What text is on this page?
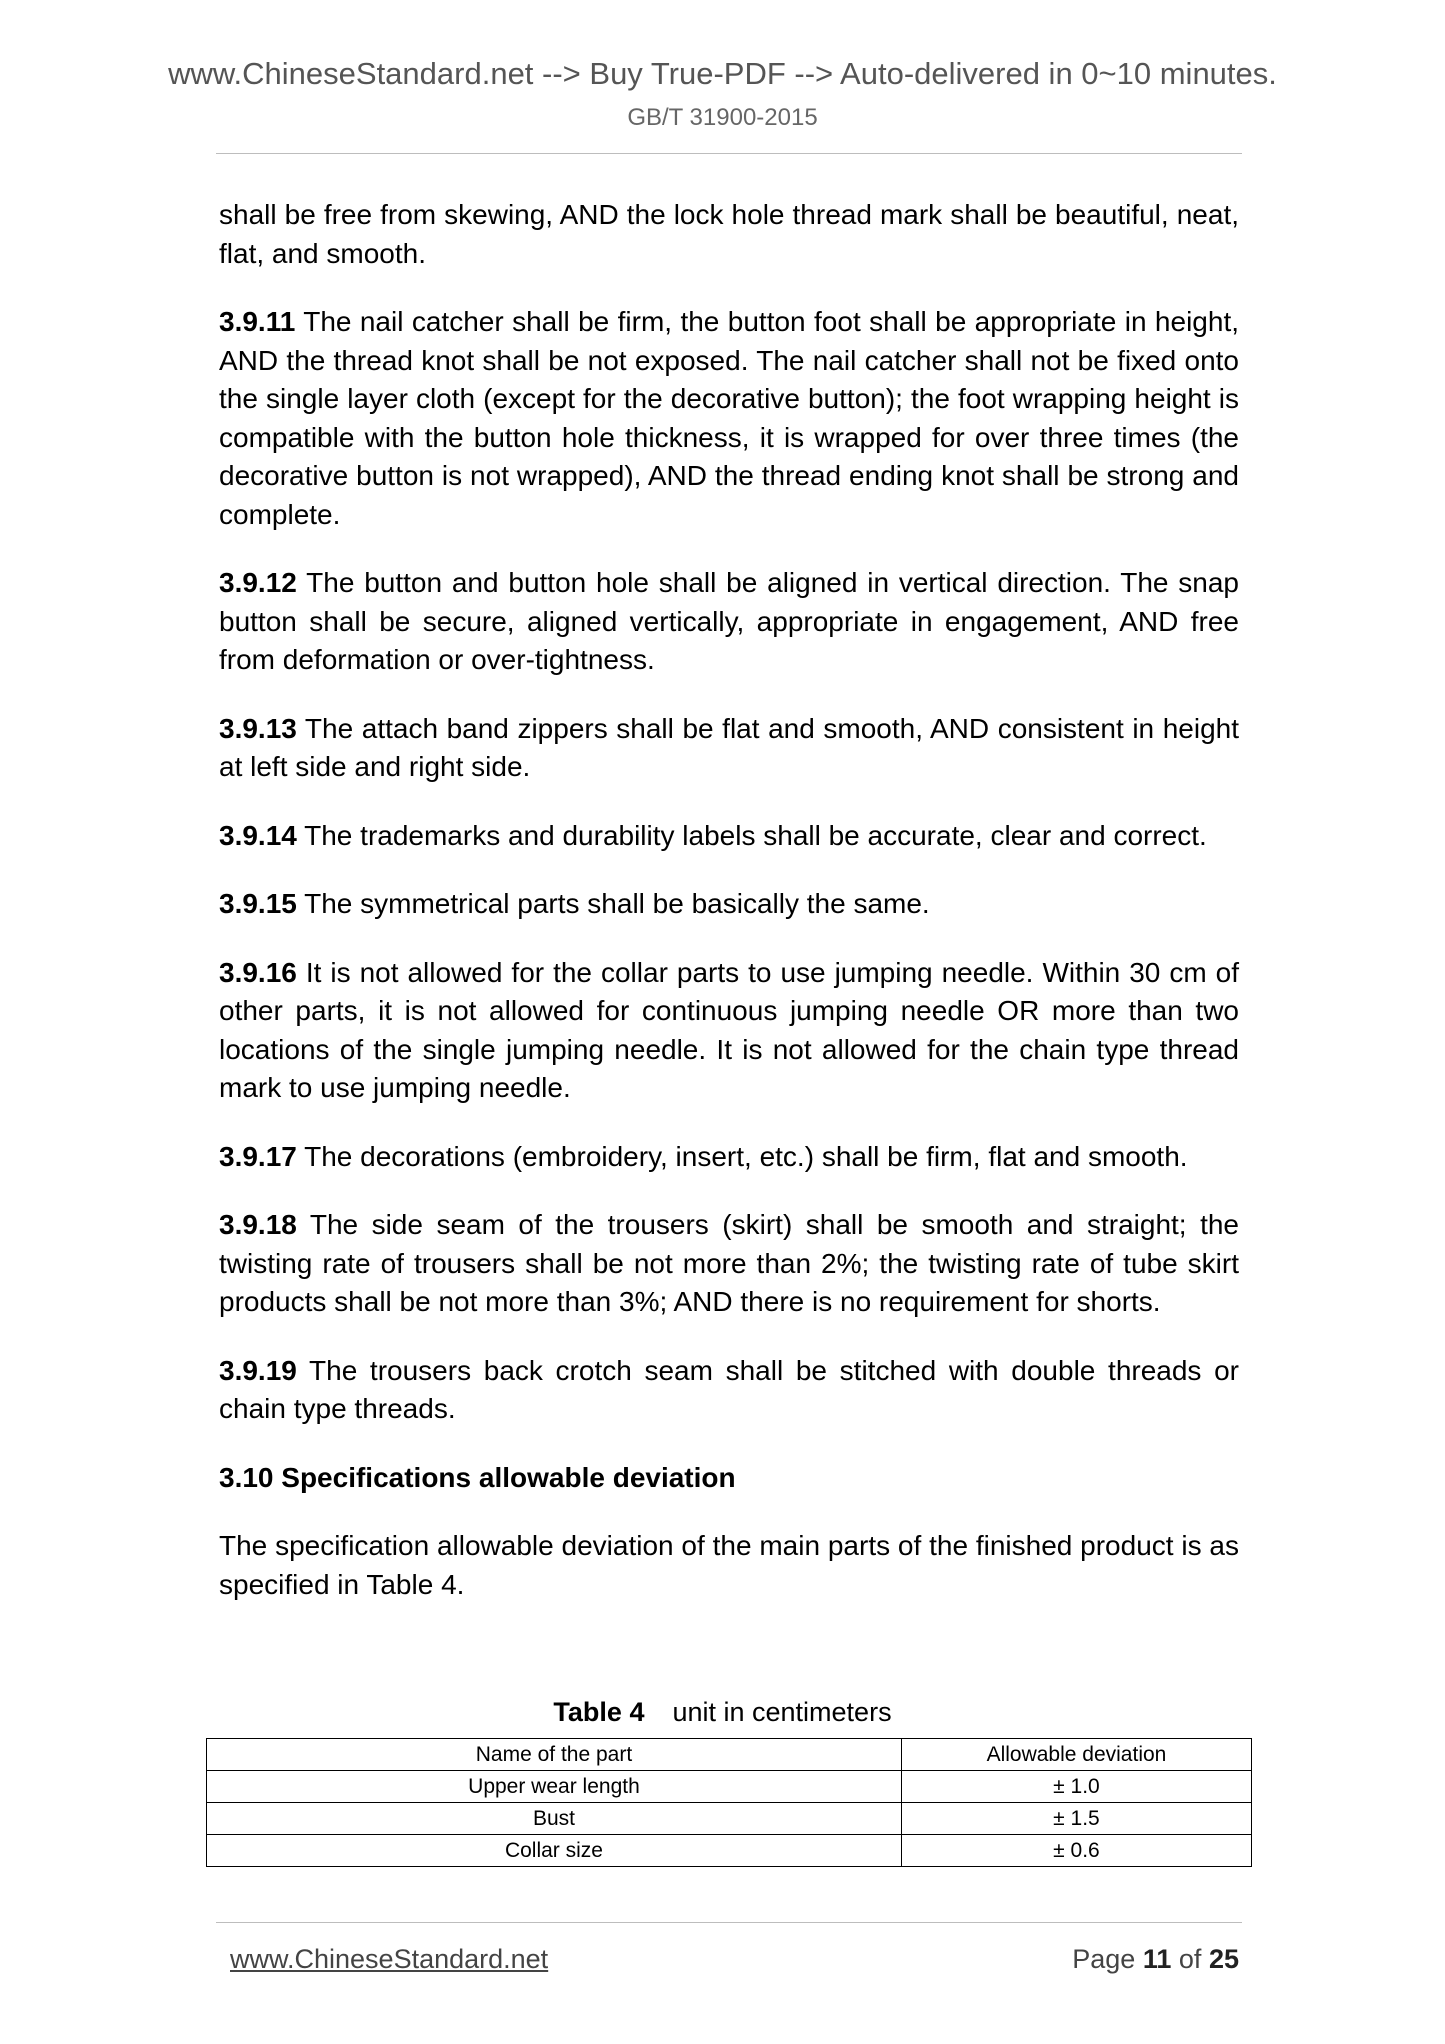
www.ChineseStandard.net --> Buy True-PDF --> Auto-delivered in 0~10 minutes.
GB/T 31900-2015

shall be free from skewing, AND the lock hole thread mark shall be beautiful, neat, flat, and smooth.

3.9.11 The nail catcher shall be firm, the button foot shall be appropriate in height, AND the thread knot shall be not exposed. The nail catcher shall not be fixed onto the single layer cloth (except for the decorative button); the foot wrapping height is compatible with the button hole thickness, it is wrapped for over three times (the decorative button is not wrapped), AND the thread ending knot shall be strong and complete.

3.9.12 The button and button hole shall be aligned in vertical direction. The snap button shall be secure, aligned vertically, appropriate in engagement, AND free from deformation or over-tightness.

3.9.13 The attach band zippers shall be flat and smooth, AND consistent in height at left side and right side.

3.9.14 The trademarks and durability labels shall be accurate, clear and correct.

3.9.15 The symmetrical parts shall be basically the same.

3.9.16 It is not allowed for the collar parts to use jumping needle. Within 30 cm of other parts, it is not allowed for continuous jumping needle OR more than two locations of the single jumping needle. It is not allowed for the chain type thread mark to use jumping needle.

3.9.17 The decorations (embroidery, insert, etc.) shall be firm, flat and smooth.

3.9.18 The side seam of the trousers (skirt) shall be smooth and straight; the twisting rate of trousers shall be not more than 2%; the twisting rate of tube skirt products shall be not more than 3%; AND there is no requirement for shorts.

3.9.19 The trousers back crotch seam shall be stitched with double threads or chain type threads.

3.10 Specifications allowable deviation

The specification allowable deviation of the main parts of the finished product is as specified in Table 4.

Table 4 unit in centimeters
Name of the part	Allowable deviation
Upper wear length	± 1.0
Bust	± 1.5
Collar size	± 0.6
www.ChineseStandard.net	Page 11 of 25
